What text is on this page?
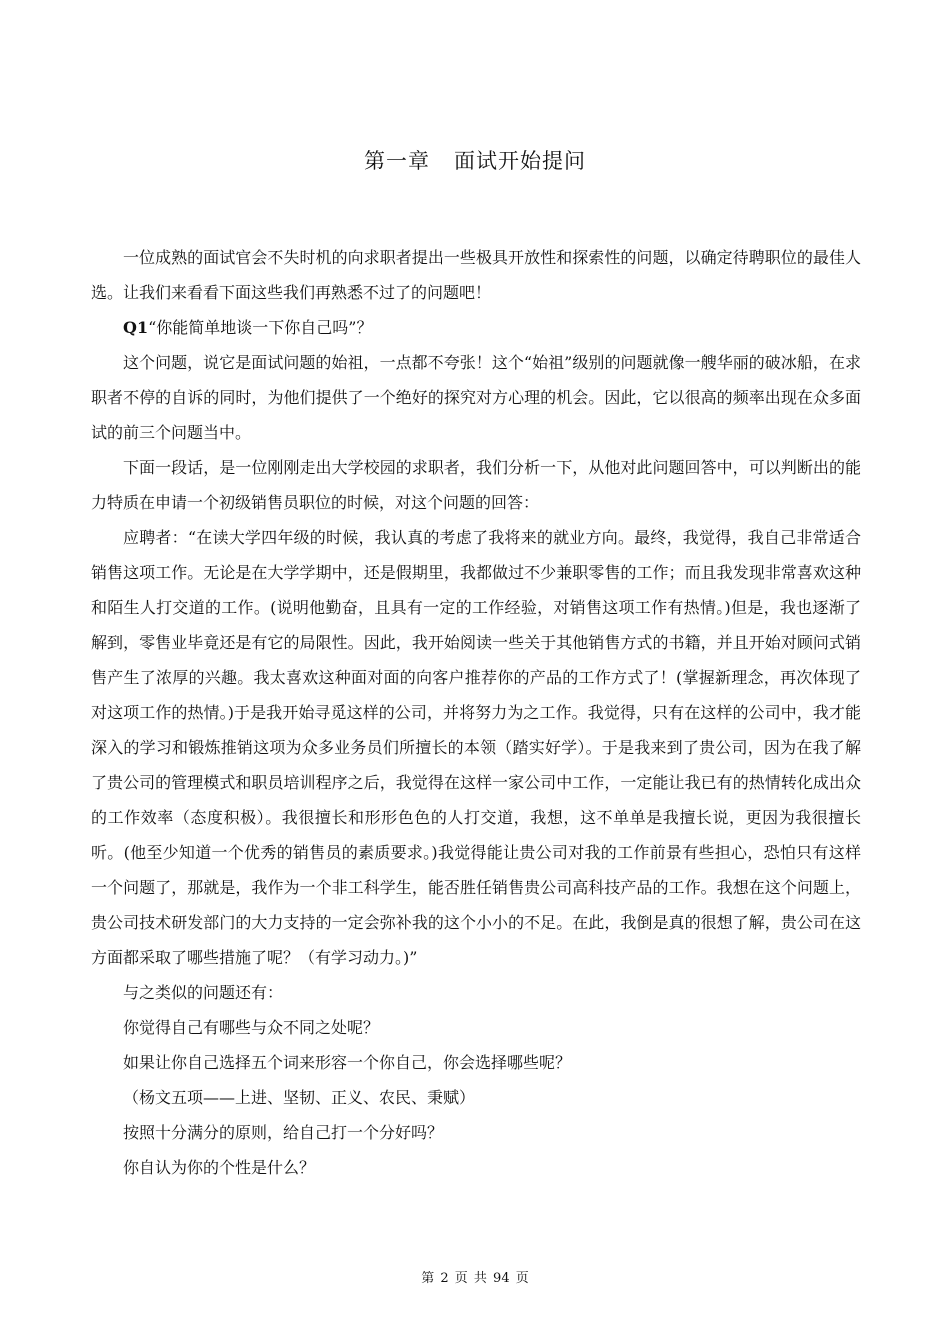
第一章 面试开始提问

一位成熟的面试官会不失时机的向求职者提出一些极具开放性和探索性的问题，以确定待聘职位的最佳人选。让我们来看看下面这些我们再熟悉不过了的问题吧！

Q1“你能简单地谈一下你自己吗”？

这个问题，说它是面试问题的始祖，一点都不夸张！这个“始祖”级别的问题就像一艘华丽的破冰船，在求职者不停的自诉的同时，为他们提供了一个绝好的探究对方心理的机会。因此，它以很高的频率出现在众多面试的前三个问题当中。

下面一段话，是一位刚刚走出大学校园的求职者，我们分析一下，从他对此问题回答中，可以判断出的能力特质在申请一个初级销售员职位的时候，对这个问题的回答：

应聘者：“在读大学四年级的时候，我认真的考虑了我将来的就业方向。最终，我觉得，我自己非常适合销售这项工作。无论是在大学学期中，还是假期里，我都做过不少兼职零售的工作；而且我发现非常喜欢这种和陌生人打交道的工作。(说明他勤奋，且具有一定的工作经验，对销售这项工作有热情。)但是，我也逐渐了解到，零售业毕竟还是有它的局限性。因此，我开始阅读一些关于其他销售方式的书籍，并且开始对顾问式销售产生了浓厚的兴趣。我太喜欢这种面对面的向客户推荐你的产品的工作方式了！(掌握新理念，再次体现了对这项工作的热情。)于是我开始寻觅这样的公司，并将努力为之工作。我觉得，只有在这样的公司中，我才能深入的学习和锻炼推销这项为众多业务员们所擅长的本领（踏实好学）。于是我来到了贵公司，因为在我了解了贵公司的管理模式和职员培训程序之后，我觉得在这样一家公司中工作，一定能让我已有的热情转化成出众的工作效率（态度积极）。我很擅长和形形色色的人打交道，我想，这不单单是我擅长说，更因为我很擅长听。(他至少知道一个优秀的销售员的素质要求。)我觉得能让贵公司对我的工作前景有些担心，恐怕只有这样一个问题了，那就是，我作为一个非工科学生，能否胜任销售贵公司高科技产品的工作。我想在这个问题上，贵公司技术研发部门的大力支持的一定会弥补我的这个小小的不足。在此，我倒是真的很想了解，贵公司在这方面都采取了哪些措施了呢？（有学习动力。)”

与之类似的问题还有：

你觉得自己有哪些与众不同之处呢？

如果让你自己选择五个词来形容一个你自己，你会选择哪些呢？

（杨文五项——上进、坚韧、正义、农民、秉赋）

按照十分满分的原则，给自己打一个分好吗？

你自认为你的个性是什么？

第 2 页 共 94 页
